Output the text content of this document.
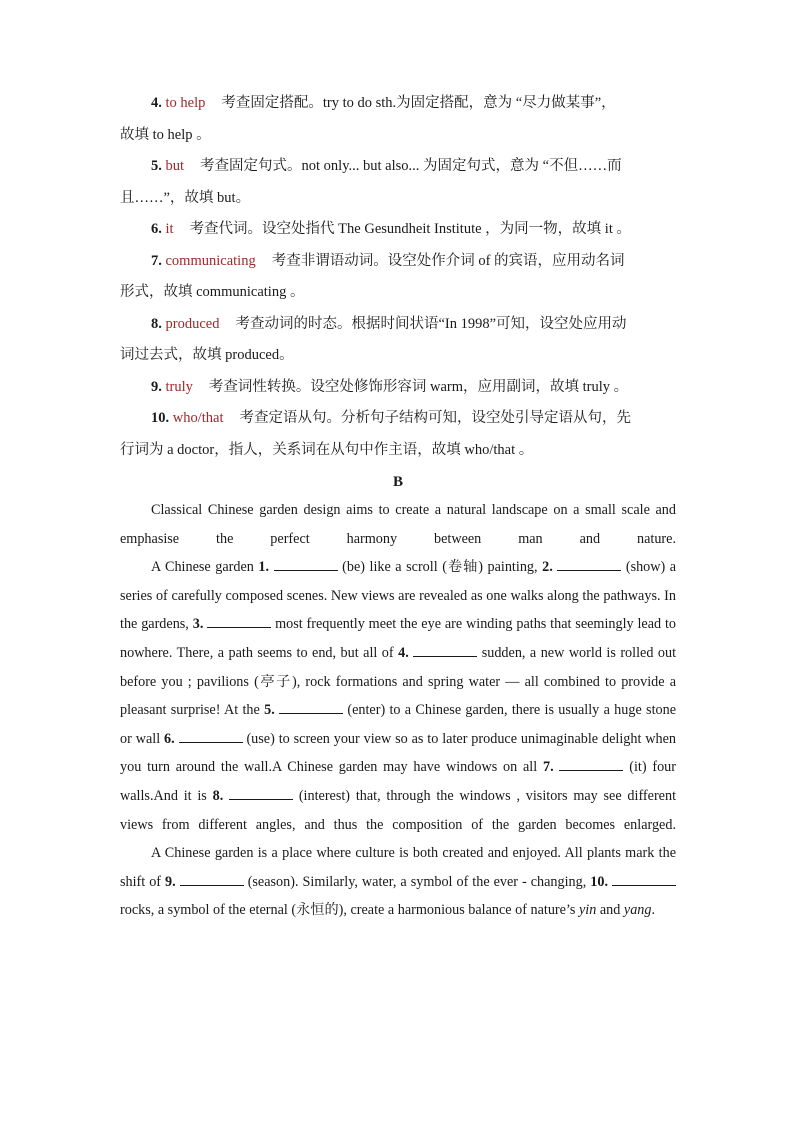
4. to help 考查固定搭配。try to do sth.为固定搭配，意为 “尽力做某事”，
故填 to help 。

5. but 考查固定句式。not only... but also... 为固定句式，意为 “不但……而
且……”，故填 but。

6. it 考查代词。设空处指代 The Gesundheit Institute ，为同一物，故填 it 。

7. communicating 考查非谓语动词。设空处作介词 of 的宾语，应用动名词
形式，故填 communicating 。

8. produced 考查动词的时态。根据时间状语“In 1998”可知，设空处应用动
词过去式，故填 produced。

9. truly 考查词性转换。设空处修饰形容词 warm，应用副词，故填 truly 。

10. who/that 考查定语从句。分析句子结构可知，设空处引导定语从句，先
行词为 a doctor，指人，关系词在从句中作主语，故填 who/that 。

B

Classical Chinese garden design aims to create a natural landscape on a small scale and emphasise the perfect harmony between man and nature.

A Chinese garden 1.	(be) like a scroll (卷轴) painting, 2.	(show) a series of carefully composed scenes. New views are revealed as one walks along the pathways. In the gardens, 3.	most frequently meet the eye are winding paths that seemingly lead to nowhere. There, a path seems to end, but all of 4.	sudden, a new world is rolled out before you ; pavilions (亭子), rock formations and spring water — all combined to provide a pleasant surprise! At the 5.	(enter) to a Chinese garden, there is usually a huge stone or wall 6.	(use) to screen your view so as to later produce unimaginable delight when you turn around the wall.A Chinese garden may have windows on all 7.	(it) four walls.And it is 8.	(interest) that, through the windows , visitors may see different views from different angles, and thus the composition of the garden becomes enlarged.

A Chinese garden is a place where culture is both created and enjoyed. All plants mark the shift of 9.	(season). Similarly, water, a symbol of the ever - changing, 10.  rocks, a symbol of the eternal (永恒的), create a harmonious balance of nature’s yin and yang.
